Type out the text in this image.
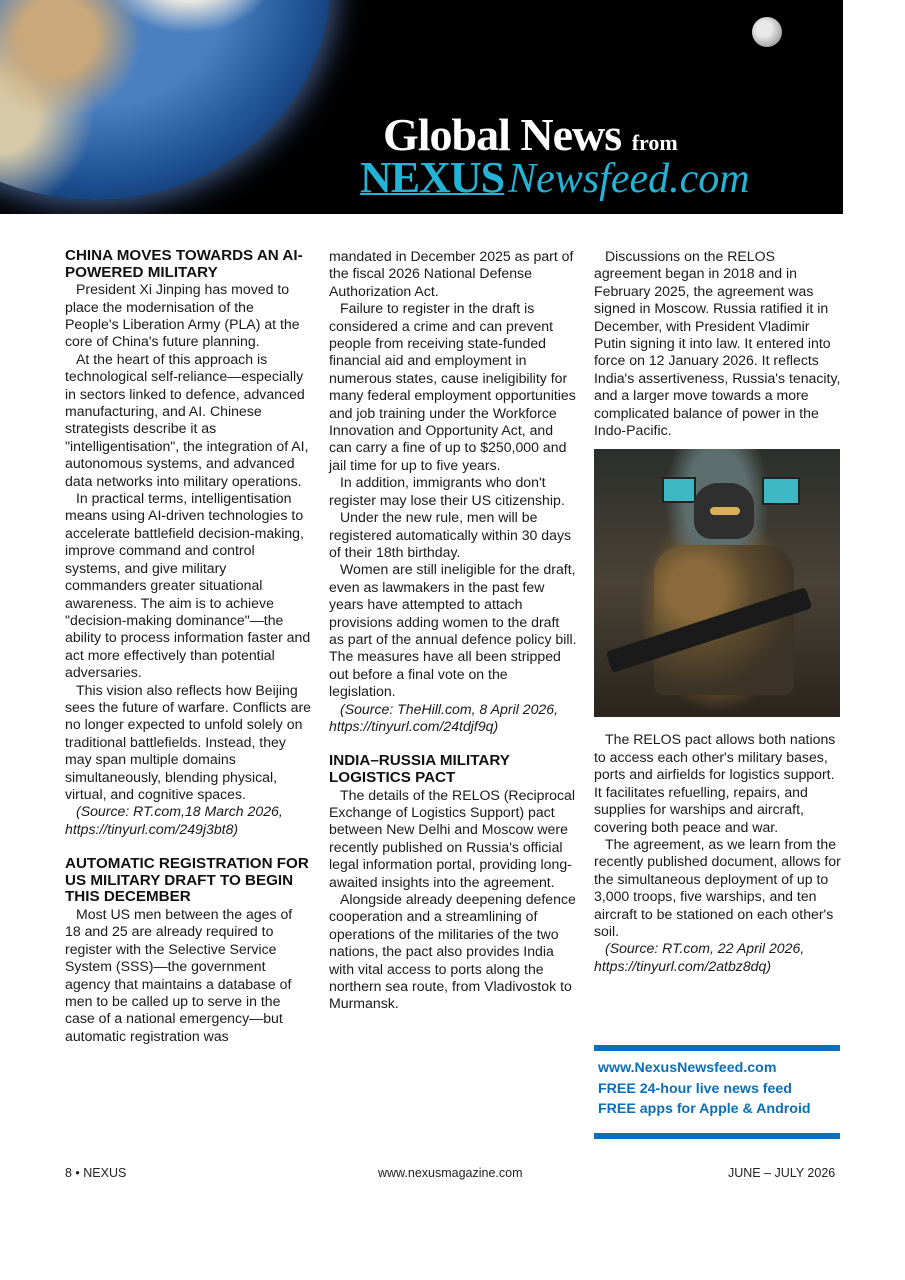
Global News from
NEXUSNewsfeed.com
CHINA MOVES TOWARDS AN AI-POWERED MILITARY

President Xi Jinping has moved to place the modernisation of the People's Liberation Army (PLA) at the core of China's future planning.

At the heart of this approach is technological self-reliance—especially in sectors linked to defence, advanced manufacturing, and AI. Chinese strategists describe it as "intelligentisation", the integration of AI, autonomous systems, and advanced data networks into military operations.

In practical terms, intelligentisation means using AI-driven technologies to accelerate battlefield decision-making, improve command and control systems, and give military commanders greater situational awareness. The aim is to achieve "decision-making dominance"—the ability to process information faster and act more effectively than potential adversaries.

This vision also reflects how Beijing sees the future of warfare. Conflicts are no longer expected to unfold solely on traditional battlefields. Instead, they may span multiple domains simultaneously, blending physical, virtual, and cognitive spaces.

(Source: RT.com,18 March 2026, https://tinyurl.com/249j3bt8)

AUTOMATIC REGISTRATION FOR US MILITARY DRAFT TO BEGIN THIS DECEMBER

Most US men between the ages of 18 and 25 are already required to register with the Selective Service System (SSS)—the government agency that maintains a database of men to be called up to serve in the case of a national emergency—but automatic registration was

mandated in December 2025 as part of the fiscal 2026 National Defense Authorization Act.

Failure to register in the draft is considered a crime and can prevent people from receiving state-funded financial aid and employment in numerous states, cause ineligibility for many federal employment opportunities and job training under the Workforce Innovation and Opportunity Act, and can carry a fine of up to $250,000 and jail time for up to five years.

In addition, immigrants who don't register may lose their US citizenship.

Under the new rule, men will be registered automatically within 30 days of their 18th birthday.

Women are still ineligible for the draft, even as lawmakers in the past few years have attempted to attach provisions adding women to the draft as part of the annual defence policy bill. The measures have all been stripped out before a final vote on the legislation.

(Source: TheHill.com, 8 April 2026, https://tinyurl.com/24tdjf9q)

INDIA–RUSSIA MILITARY LOGISTICS PACT

The details of the RELOS (Reciprocal Exchange of Logistics Support) pact between New Delhi and Moscow were recently published on Russia's official legal information portal, providing long-awaited insights into the agreement.

Alongside already deepening defence cooperation and a streamlining of operations of the militaries of the two nations, the pact also provides India with vital access to ports along the northern sea route, from Vladivostok to Murmansk.

Discussions on the RELOS agreement began in 2018 and in February 2025, the agreement was signed in Moscow. Russia ratified it in December, with President Vladimir Putin signing it into law. It entered into force on 12 January 2026. It reflects India's assertiveness, Russia's tenacity, and a larger move towards a more complicated balance of power in the Indo-Pacific.

The RELOS pact allows both nations to access each other's military bases, ports and airfields for logistics support. It facilitates refuelling, repairs, and supplies for warships and aircraft, covering both peace and war.

The agreement, as we learn from the recently published document, allows for the simultaneous deployment of up to 3,000 troops, five warships, and ten aircraft to be stationed on each other's soil.

(Source: RT.com, 22 April 2026, https://tinyurl.com/2atbz8dq)

www.NexusNewsfeed.com
FREE 24-hour live news feed
FREE apps for Apple & Android
8 • NEXUS	www.nexusmagazine.com	JUNE – JULY 2026
